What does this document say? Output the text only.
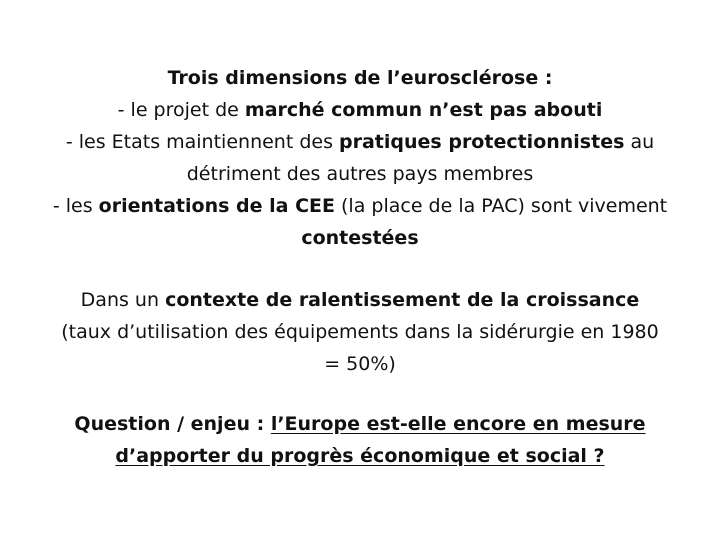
Trois dimensions de l’eurosclérose :
- le projet de marché commun n’est pas abouti
- les Etats maintiennent des pratiques protectionnistes au
détriment des autres pays membres
- les orientations de la CEE (la place de la PAC) sont vivement
contestées
Dans un contexte de ralentissement de la croissance
(taux d’utilisation des équipements dans la sidérurgie en 1980
= 50%)
Question / enjeu : l’Europe est-elle encore en mesure
d’apporter du progrès économique et social ?
